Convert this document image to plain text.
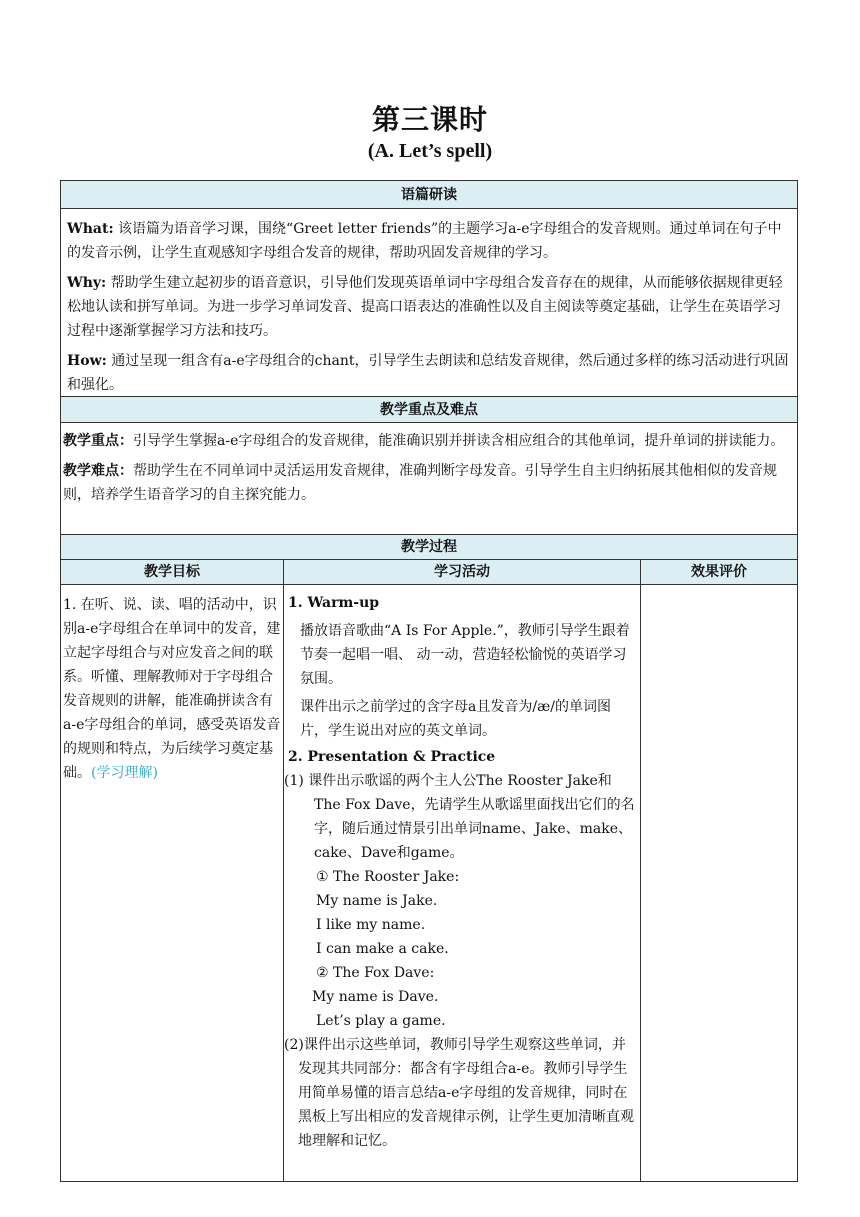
第三课时
(A. Let’s spell)
语篇研读

What: 该语篇为语音学习课，围绕“Greet letter friends”的主题学习a-e字母组合的发音规则。通过单词在句子中的发音示例，让学生直观感知字母组合发音的规律，帮助巩固发音规律的学习。

Why: 帮助学生建立起初步的语音意识，引导他们发现英语单词中字母组合发音存在的规律，从而能够依据规律更轻松地认读和拼写单词。为进一步学习单词发音、提高口语表达的准确性以及自主阅读等奠定基础，让学生在英语学习过程中逐渐掌握学习方法和技巧。

How: 通过呈现一组含有a-e字母组合的chant，引导学生去朗读和总结发音规律，然后通过多样的练习活动进行巩固和强化。

教学重点及难点

教学重点：引导学生掌握a-e字母组合的发音规律，能准确识别并拼读含相应组合的其他单词，提升单词的拼读能力。

教学难点：帮助学生在不同单词中灵活运用发音规律，准确判断字母发音。引导学生自主归纳拓展其他相似的发音规则，培养学生语音学习的自主探究能力。

教学过程
教学目标	学习活动	效果评价
1. 在听、说、读、唱的活动中，识别a-e字母组合在单词中的发音，建立起字母组合与对应发音之间的联系。听懂、理解教师对于字母组合发音规则的讲解，能准确拼读含有a-e字母组合的单词，感受英语发音的规则和特点，为后续学习奠定基础。(学习理解)
1. Warm-up
播放语音歌曲“A Is For Apple.”，教师引导学生跟着节奏一起唱一唱、 动一动，营造轻松愉悦的英语学习氛围。
课件出示之前学过的含字母a且发音为/æ/的单词图片，学生说出对应的英文单词。
2. Presentation & Practice
(1) 课件出示歌谣的两个主人公The Rooster Jake和The Fox Dave，先请学生从歌谣里面找出它们的名字，随后通过情景引出单词name、Jake、make、cake、Dave和game。
① The Rooster Jake:
My name is Jake.
I like my name.
I can make a cake.
② The Fox Dave:
My name is Dave.
Let’s play a game.
(2)课件出示这些单词，教师引导学生观察这些单词，并发现其共同部分：都含有字母组合a-e。教师引导学生用简单易懂的语言总结a-e字母组的发音规律，同时在黑板上写出相应的发音规律示例，让学生更加清晰直观地理解和记忆。
